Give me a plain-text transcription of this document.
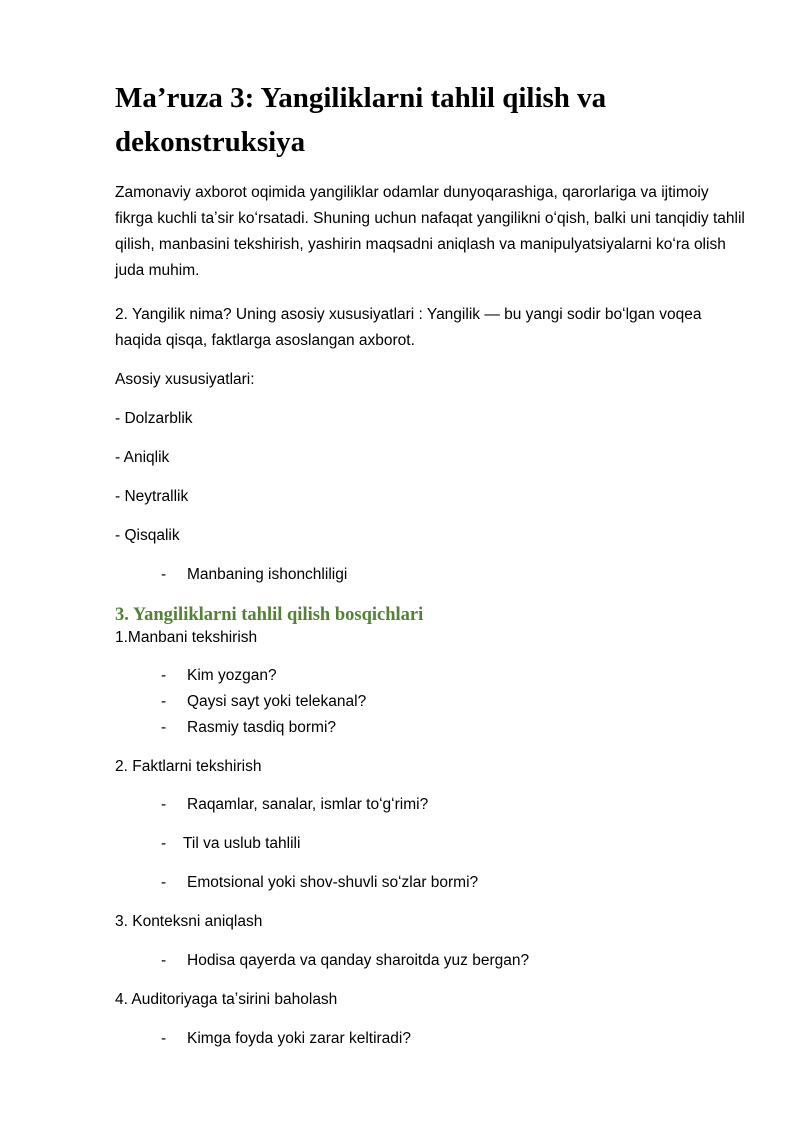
Ma’ruza 3: Yangiliklarni tahlil qilish va dekonstruksiya

Zamonaviy axborot oqimida yangiliklar odamlar dunyoqarashiga, qarorlariga va ijtimoiy fikrga kuchli taʼsir koʻrsatadi. Shuning uchun nafaqat yangilikni oʻqish, balki uni tanqidiy tahlil qilish, manbasini tekshirish, yashirin maqsadni aniqlash va manipulyatsiyalarni koʻra olish juda muhim.

2. Yangilik nima? Uning asosiy xususiyatlari : Yangilik — bu yangi sodir boʻlgan voqea haqida qisqa, faktlarga asoslangan axborot.

Asosiy xususiyatlari:

- Dolzarblik

- Aniqlik

- Neytrallik

- Qisqalik

- Manbaning ishonchliligi
3. Yangiliklarni tahlil qilish bosqichlari

1.Manbani tekshirish

- Kim yozgan?
- Qaysi sayt yoki telekanal?
- Rasmiy tasdiq bormi?

2. Faktlarni tekshirish

- Raqamlar, sanalar, ismlar toʻgʻrimi?
- Til va uslub tahlili
- Emotsional yoki shov-shuvli soʻzlar bormi?

3. Konteksni aniqlash

- Hodisa qayerda va qanday sharoitda yuz bergan?

4. Auditoriyaga taʼsirini baholash

- Kimga foyda yoki zarar keltiradi?
